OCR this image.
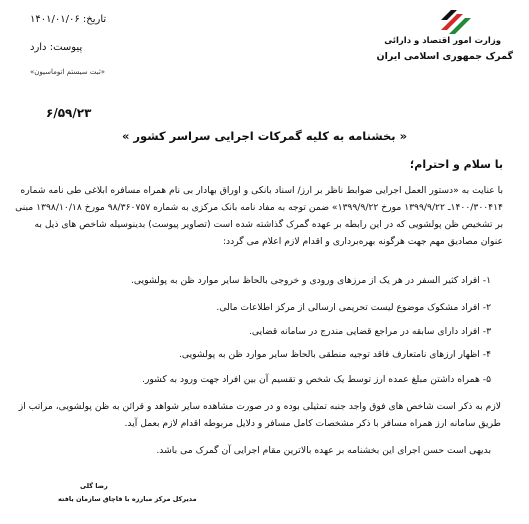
وزارت امور اقتصاد و دارائی
گمرک جمهوری اسلامی ایران
تاریخ: ۱۴۰۱/۰۱/۰۶
پیوست: دارد
«ثبت سیستم اتوماسیون»
۶/۵۹/۲۳
« بخشنامه به کلیه گمرکات اجرایی سراسر کشور »
با سلام و احترام؛
با عنایت به «دستور العمل اجرایی ضوابط ناظر بر ارز/ اسناد بانکی و اوراق بهادار بی نام همراه مسافره ابلاغی طی نامه شماره ۱۴۰۰/۳۰۰۴۱۴ـ ۱۳۹۹/۹/۲۲ مورخ ۱۳۹۹/۹/۲۲» ضمن توجه به مفاد نامه بانک مرکزی به شماره ۹۸/۳۶۰۷۵۷ مورخ ۱۳۹۸/۱۰/۱۸ مبنی بر تشخیص ظن پولشویی که در این رابطه بر عهده گمرک گذاشته شده است (تصاویر پیوست) بدینوسیله شاخص های ذیل به عنوان مصادیق مهم جهت هرگونه بهره‌برداری و اقدام لازم اعلام می گردد:
۱- افراد کثیر السفر در هر یک از مرزهای ورودی و خروجی بالحاظ سایر موارد ظن به پولشویی.
۲- افراد مشکوک موضوع لیست تحریمی ارسالی از مرکز اطلاعات مالی.
۳- افراد دارای سابقه در مراجع قضایی مندرج در سامانه قضایی.
۴- اظهار ارزهای نامتعارف فاقد توجیه منطقی بالحاظ سایر موارد ظن به پولشویی.
۵- همراه داشتن مبلغ عمده ارز توسط یک شخص و تقسیم آن بین افراد جهت ورود به کشور.
لازم به ذکر است شاخص های فوق واجد جنبه تمثیلی بوده و در صورت مشاهده سایر شواهد و قرائن به ظن پولشویی، مراتب از طریق سامانه ارز همراه مسافر با ذکر مشخصات کامل مسافر و دلایل مربوطه اقدام لازم بعمل آید.
بدیهی است حسن اجرای این بخشنامه بر عهده بالاترین مقام اجرایی آن گمرک می باشد.
رضا گلی
مدیرکل مرکز مبارزه با قاچاق سازمان یافته
